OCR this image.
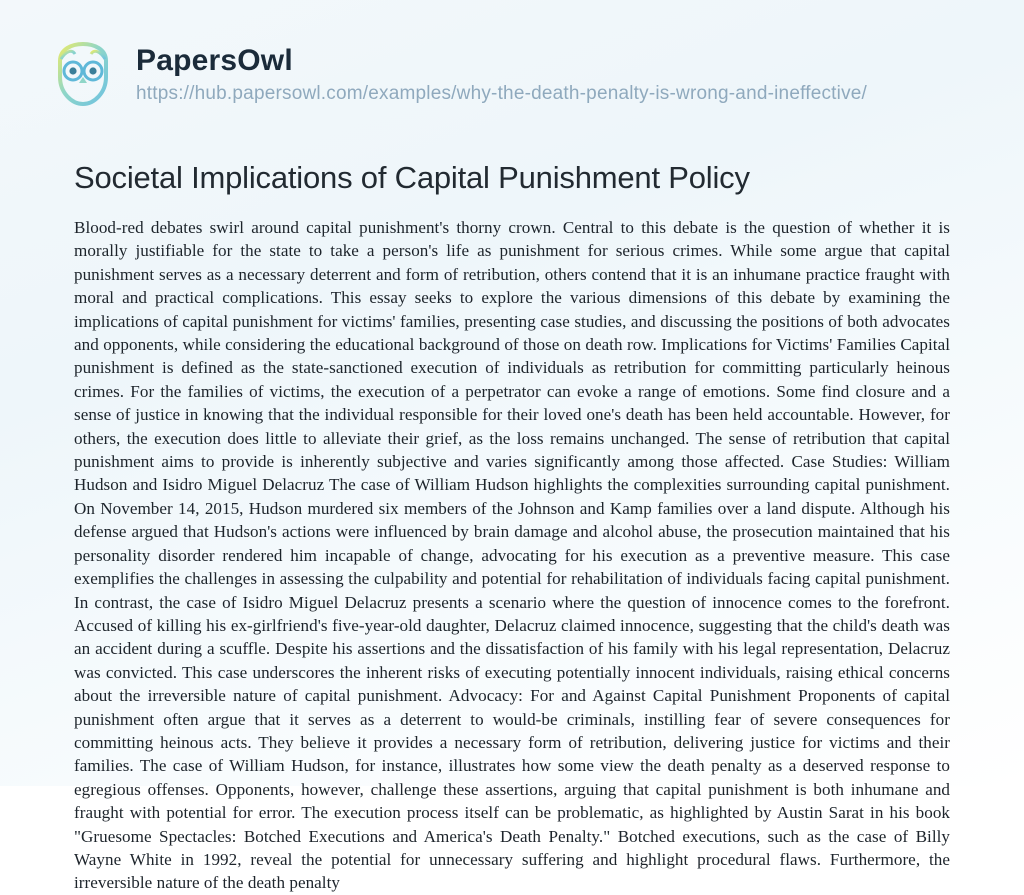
PapersOwl
https://hub.papersowl.com/examples/why-the-death-penalty-is-wrong-and-ineffective/
Societal Implications of Capital Punishment Policy

Blood-red debates swirl around capital punishment's thorny crown. Central to this debate is the question of whether it is morally justifiable for the state to take a person's life as punishment for serious crimes. While some argue that capital punishment serves as a necessary deterrent and form of retribution, others contend that it is an inhumane practice fraught with moral and practical complications. This essay seeks to explore the various dimensions of this debate by examining the implications of capital punishment for victims' families, presenting case studies, and discussing the positions of both advocates and opponents, while considering the educational background of those on death row. Implications for Victims' Families Capital punishment is defined as the state-sanctioned execution of individuals as retribution for committing particularly heinous crimes. For the families of victims, the execution of a perpetrator can evoke a range of emotions. Some find closure and a sense of justice in knowing that the individual responsible for their loved one's death has been held accountable. However, for others, the execution does little to alleviate their grief, as the loss remains unchanged. The sense of retribution that capital punishment aims to provide is inherently subjective and varies significantly among those affected. Case Studies: William Hudson and Isidro Miguel Delacruz The case of William Hudson highlights the complexities surrounding capital punishment. On November 14, 2015, Hudson murdered six members of the Johnson and Kamp families over a land dispute. Although his defense argued that Hudson's actions were influenced by brain damage and alcohol abuse, the prosecution maintained that his personality disorder rendered him incapable of change, advocating for his execution as a preventive measure. This case exemplifies the challenges in assessing the culpability and potential for rehabilitation of individuals facing capital punishment. In contrast, the case of Isidro Miguel Delacruz presents a scenario where the question of innocence comes to the forefront. Accused of killing his ex-girlfriend's five-year-old daughter, Delacruz claimed innocence, suggesting that the child's death was an accident during a scuffle. Despite his assertions and the dissatisfaction of his family with his legal representation, Delacruz was convicted. This case underscores the inherent risks of executing potentially innocent individuals, raising ethical concerns about the irreversible nature of capital punishment. Advocacy: For and Against Capital Punishment Proponents of capital punishment often argue that it serves as a deterrent to would-be criminals, instilling fear of severe consequences for committing heinous acts. They believe it provides a necessary form of retribution, delivering justice for victims and their families. The case of William Hudson, for instance, illustrates how some view the death penalty as a deserved response to egregious offenses. Opponents, however, challenge these assertions, arguing that capital punishment is both inhumane and fraught with potential for error. The execution process itself can be problematic, as highlighted by Austin Sarat in his book "Gruesome Spectacles: Botched Executions and America's Death Penalty." Botched executions, such as the case of Billy Wayne White in 1992, reveal the potential for unnecessary suffering and highlight procedural flaws. Furthermore, the irreversible nature of the death penalty
